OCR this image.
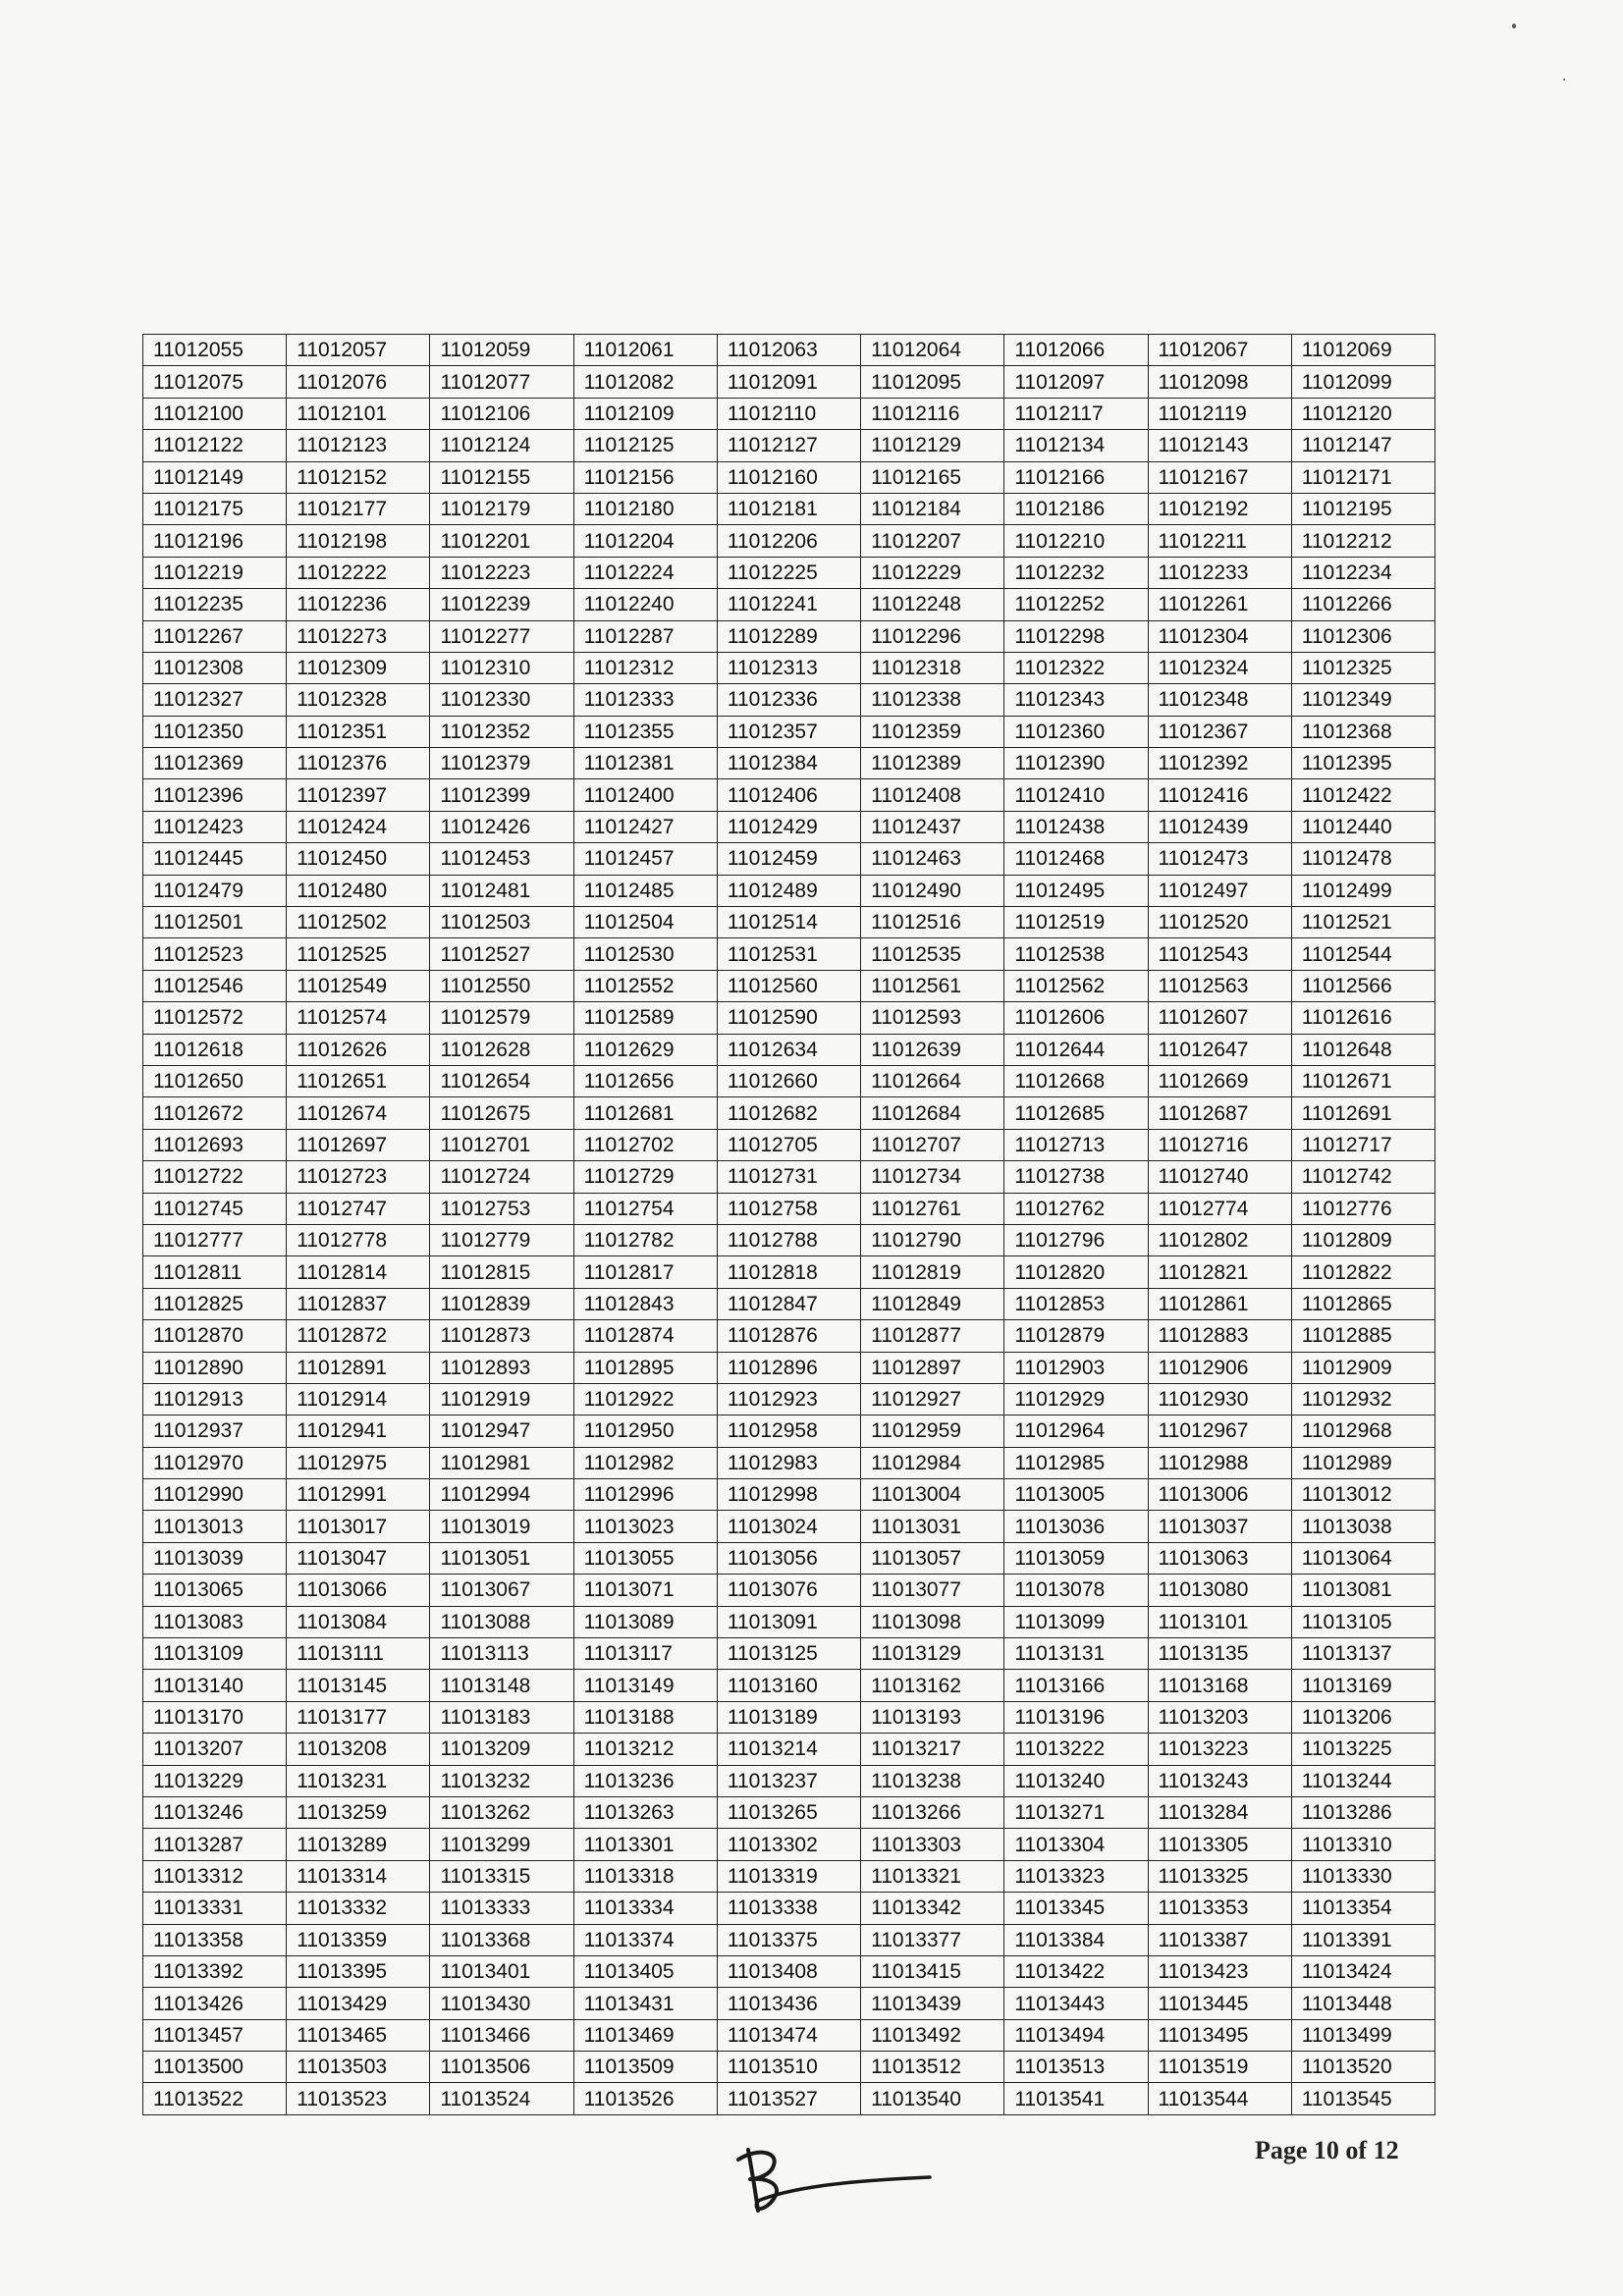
11012055	11012057	11012059	11012061	11012063	11012064	11012066	11012067	11012069
11012075	11012076	11012077	11012082	11012091	11012095	11012097	11012098	11012099
11012100	11012101	11012106	11012109	11012110	11012116	11012117	11012119	11012120
11012122	11012123	11012124	11012125	11012127	11012129	11012134	11012143	11012147
11012149	11012152	11012155	11012156	11012160	11012165	11012166	11012167	11012171
11012175	11012177	11012179	11012180	11012181	11012184	11012186	11012192	11012195
11012196	11012198	11012201	11012204	11012206	11012207	11012210	11012211	11012212
11012219	11012222	11012223	11012224	11012225	11012229	11012232	11012233	11012234
11012235	11012236	11012239	11012240	11012241	11012248	11012252	11012261	11012266
11012267	11012273	11012277	11012287	11012289	11012296	11012298	11012304	11012306
11012308	11012309	11012310	11012312	11012313	11012318	11012322	11012324	11012325
11012327	11012328	11012330	11012333	11012336	11012338	11012343	11012348	11012349
11012350	11012351	11012352	11012355	11012357	11012359	11012360	11012367	11012368
11012369	11012376	11012379	11012381	11012384	11012389	11012390	11012392	11012395
11012396	11012397	11012399	11012400	11012406	11012408	11012410	11012416	11012422
11012423	11012424	11012426	11012427	11012429	11012437	11012438	11012439	11012440
11012445	11012450	11012453	11012457	11012459	11012463	11012468	11012473	11012478
11012479	11012480	11012481	11012485	11012489	11012490	11012495	11012497	11012499
11012501	11012502	11012503	11012504	11012514	11012516	11012519	11012520	11012521
11012523	11012525	11012527	11012530	11012531	11012535	11012538	11012543	11012544
11012546	11012549	11012550	11012552	11012560	11012561	11012562	11012563	11012566
11012572	11012574	11012579	11012589	11012590	11012593	11012606	11012607	11012616
11012618	11012626	11012628	11012629	11012634	11012639	11012644	11012647	11012648
11012650	11012651	11012654	11012656	11012660	11012664	11012668	11012669	11012671
11012672	11012674	11012675	11012681	11012682	11012684	11012685	11012687	11012691
11012693	11012697	11012701	11012702	11012705	11012707	11012713	11012716	11012717
11012722	11012723	11012724	11012729	11012731	11012734	11012738	11012740	11012742
11012745	11012747	11012753	11012754	11012758	11012761	11012762	11012774	11012776
11012777	11012778	11012779	11012782	11012788	11012790	11012796	11012802	11012809
11012811	11012814	11012815	11012817	11012818	11012819	11012820	11012821	11012822
11012825	11012837	11012839	11012843	11012847	11012849	11012853	11012861	11012865
11012870	11012872	11012873	11012874	11012876	11012877	11012879	11012883	11012885
11012890	11012891	11012893	11012895	11012896	11012897	11012903	11012906	11012909
11012913	11012914	11012919	11012922	11012923	11012927	11012929	11012930	11012932
11012937	11012941	11012947	11012950	11012958	11012959	11012964	11012967	11012968
11012970	11012975	11012981	11012982	11012983	11012984	11012985	11012988	11012989
11012990	11012991	11012994	11012996	11012998	11013004	11013005	11013006	11013012
11013013	11013017	11013019	11013023	11013024	11013031	11013036	11013037	11013038
11013039	11013047	11013051	11013055	11013056	11013057	11013059	11013063	11013064
11013065	11013066	11013067	11013071	11013076	11013077	11013078	11013080	11013081
11013083	11013084	11013088	11013089	11013091	11013098	11013099	11013101	11013105
11013109	11013111	11013113	11013117	11013125	11013129	11013131	11013135	11013137
11013140	11013145	11013148	11013149	11013160	11013162	11013166	11013168	11013169
11013170	11013177	11013183	11013188	11013189	11013193	11013196	11013203	11013206
11013207	11013208	11013209	11013212	11013214	11013217	11013222	11013223	11013225
11013229	11013231	11013232	11013236	11013237	11013238	11013240	11013243	11013244
11013246	11013259	11013262	11013263	11013265	11013266	11013271	11013284	11013286
11013287	11013289	11013299	11013301	11013302	11013303	11013304	11013305	11013310
11013312	11013314	11013315	11013318	11013319	11013321	11013323	11013325	11013330
11013331	11013332	11013333	11013334	11013338	11013342	11013345	11013353	11013354
11013358	11013359	11013368	11013374	11013375	11013377	11013384	11013387	11013391
11013392	11013395	11013401	11013405	11013408	11013415	11013422	11013423	11013424
11013426	11013429	11013430	11013431	11013436	11013439	11013443	11013445	11013448
11013457	11013465	11013466	11013469	11013474	11013492	11013494	11013495	11013499
11013500	11013503	11013506	11013509	11013510	11013512	11013513	11013519	11013520
11013522	11013523	11013524	11013526	11013527	11013540	11013541	11013544	11013545
Page 10 of 12
